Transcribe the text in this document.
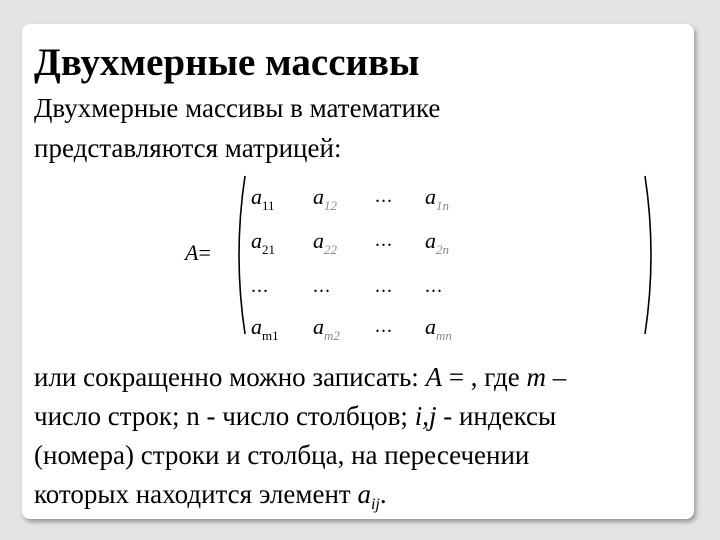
Двухмерные массивы
Двухмерные массивы в математике
представляются матрицей:
A=
$a_{11}$ $a_{12}$ ... $a_{1n}$
$a_{21}$ $a_{22}$ ... $a_{2n}$
... ... ... ...
$a_{m1}$ $a_{m2}$ ... $a_{mn}$
или сокращенно можно записать: A = , где m –
число строк; n - число столбцов; i,j - индексы
(номера) строки и столбца, на пересечении
которых находится элемент $a_{ij}$.
